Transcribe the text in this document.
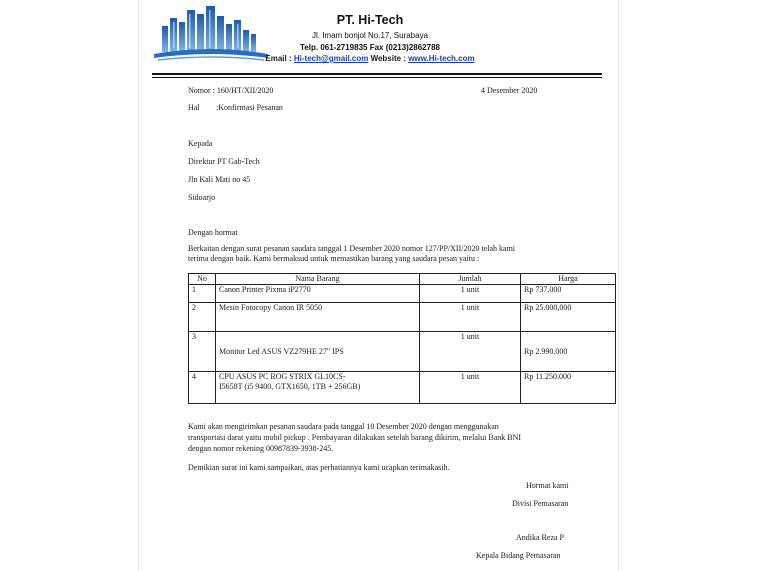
PT. Hi-Tech
Jl. Imam bonjol No.17, Surabaya
Telp. 061-2719835 Fax (0213)2862788
Email : Hi-tech@gmail.com Website : www.Hi-tech.com
Nomor : 160/HT/XII/2020	4 Desember 2020
Hal :Konfirmasi Pesanan
Kepada
Direktur PT Gab-Tech
Jln Kali Mati no 45
Sidoarjo
Dengan hormat
Berkaitan dengan surat pesanan saudara tanggal 1 Desember 2020 nomor 127/PP/XII/2020 telah kami
terima dengan baik. Kami bermaksud untuk memastikan barang yang saudara pesan yaitu :
No	Nama Barang	Jumlah	Harga
1	Canon Printer Pixma iP2770	1 unit	Rp 737.000
2	Mesin Fotocopy Canon IR 5050	1 unit	Rp 25.000,000
3	Monitor Led ASUS VZ279HE 27" IPS	1 unit	Rp 2.990.000
4	CPU ASUS PC ROG STRIX GL10CS-
I5658T (i5 9400, GTX1650, 1TB + 256GB)	1 unit	Rp 11.250.000
Kami akan mengirimkan pesanan saudara pada tanggal 10 Desember 2020 dengan menggunakan
transportasi darat yaitu mobil pickup . Pembayaran dilakukan setelah barang dikirim, melalui Bank BNI
dengan nomor rekening 00987839-3938-245.
Demikian surat ini kami sampaikan, atas perhatiannya kami ucapkan terimakasih.
Hormat kami
Divisi Pemasaran
Andika Reza P
Kepala Bidang Pemasaran
